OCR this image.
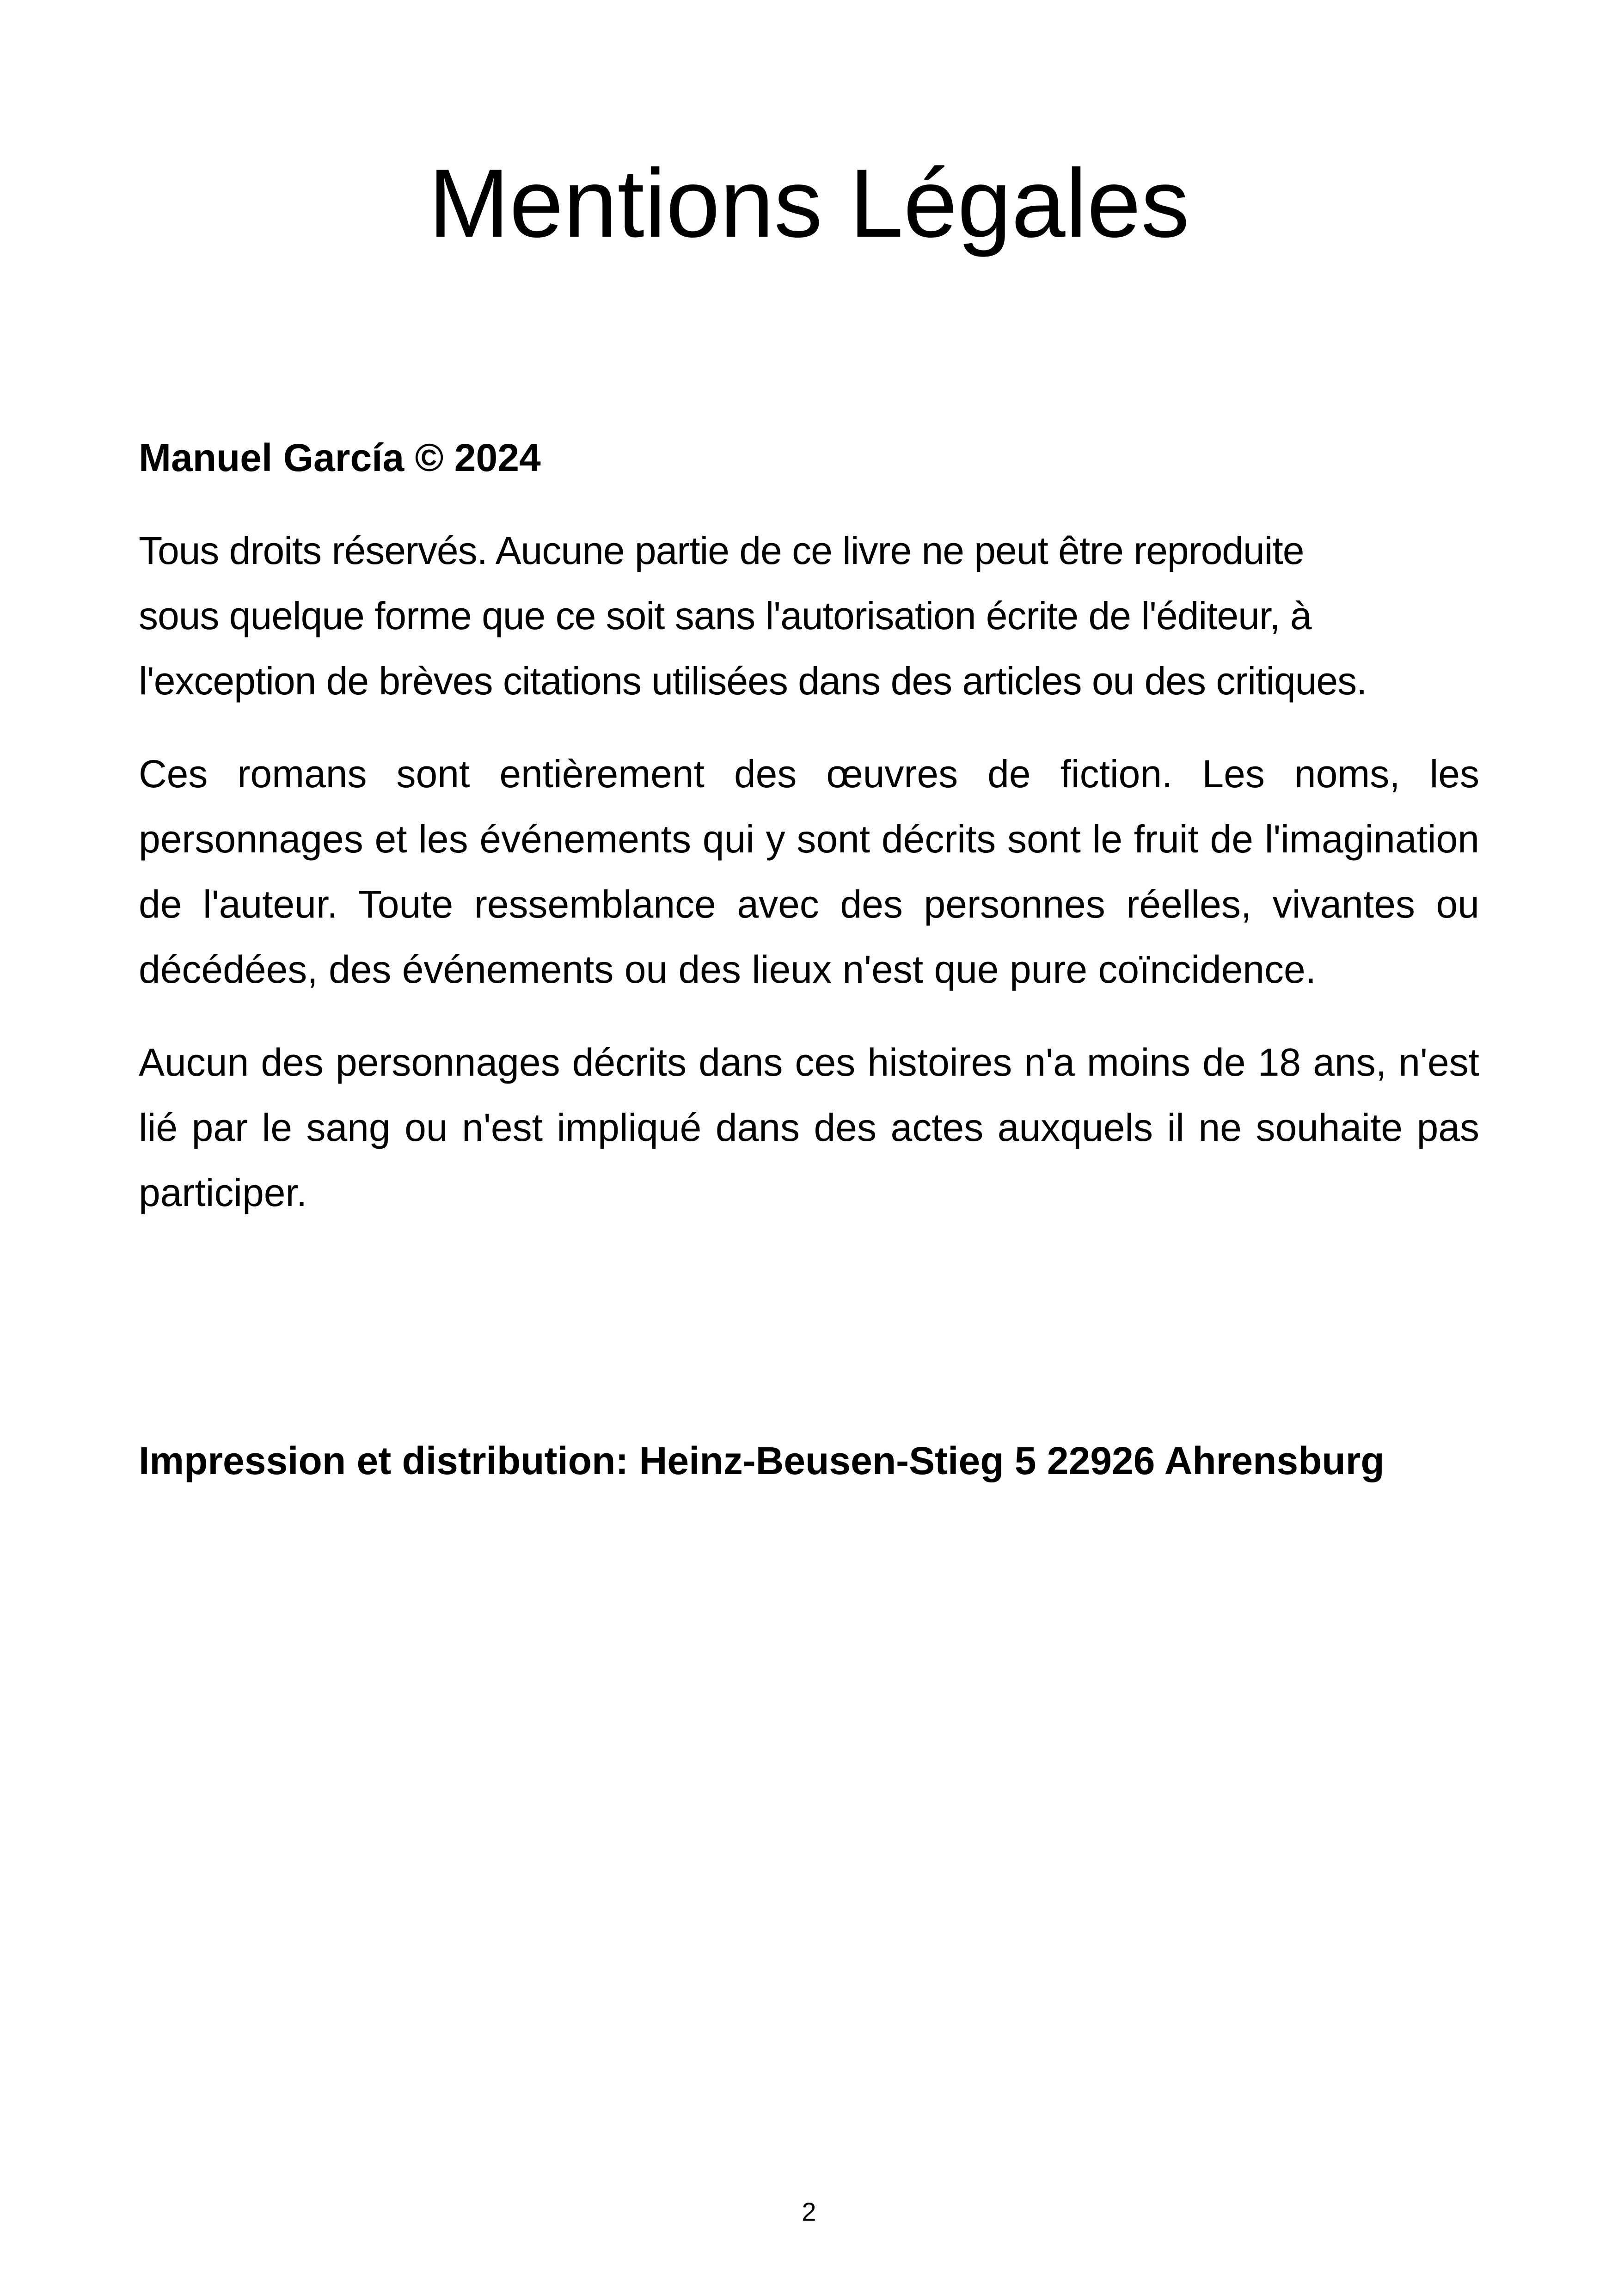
Mentions Légales

Manuel García © 2024

Tous droits réservés. Aucune partie de ce livre ne peut être reproduite
sous quelque forme que ce soit sans l'autorisation écrite de l'éditeur, à
l'exception de brèves citations utilisées dans des articles ou des critiques.

Ces romans sont entièrement des œuvres de fiction. Les noms, les personnages et les événements qui y sont décrits sont le fruit de l'imagination de l'auteur. Toute ressemblance avec des personnes réelles, vivantes ou décédées, des événements ou des lieux n'est que pure coïncidence.

Aucun des personnages décrits dans ces histoires n'a moins de 18 ans, n'est lié par le sang ou n'est impliqué dans des actes auxquels il ne souhaite pas participer.

Impression et distribution: Heinz-Beusen-Stieg 5 22926 Ahrensburg

2
